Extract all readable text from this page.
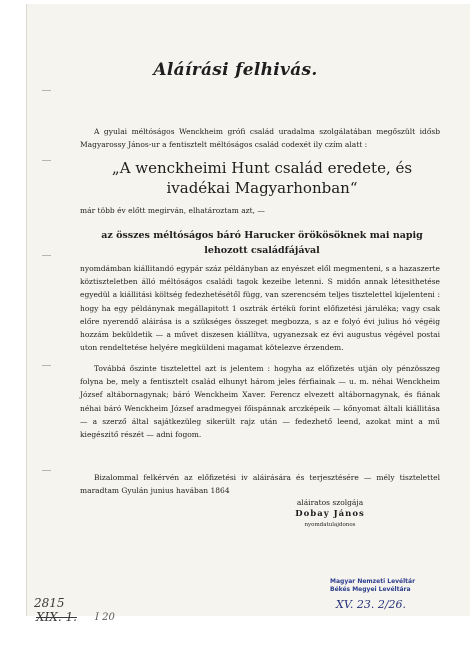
Aláírási felhivás.
A gyulai méltóságos Wenckheim grófi család uradalma szolgálatában megőszült idősb Magyarossy János-ur a fentisztelt méltóságos család codexét ily czím alatt :
„A wenckheimi Hunt család eredete, és ivadékai Magyarhonban“
már több év előtt megirván, elhatároztam azt, —
az összes méltóságos báró Harucker örökösöknek mai napig lehozott családfájával
nyomdámban kiállitandó egypár száz példányban az enyészet elől megmenteni, s a hazaszerte köztiszteletben álló méltóságos családi tagok kezeibe letenni. S midőn annak létesithetése egyedül a kiállitási költség fedezhetésétől függ, van szerencsém teljes tisztelettel kijelenteni : hogy ha egy példánynak megállapitott 1 osztrák értékü forint előfizetési járuléka; vagy csak előre nyerendő aláirása is a szükséges összeget megbozza, s az e folyó évi julius hó végéig hozzám beküldetik — a művet diszesen kiállítva, ugyanezsak ez évi augustus végével postai uton rendeltetése helyére megküldeni magamat kötelezve érzendem.
Továbbá őszinte tisztelettel azt is jelentem : hogyha az előfizetés utján oly pénzösszeg folyna be, mely a fentisztelt család elhunyt három jeles férfiainak — u. m. néhai Wenckheim József altábornagynak; báró Wenckheim Xaver. Ferencz elvezett altábornagynak, és fiának néhai báró Wenckheim József aradmegyei főispánnak arczképeik — kőnyomat általi kiállitása — a szerző által sajátkezüleg sikerült rajz után — fedezhető leend, azokat mint a mű kiegészitő részét — adni fogom.
Bizalommal felkérvén az előfizetési iv aláirására és terjesztésére — mély tisztelettel maradtam Gyulán junius havában 1864
aláiratos szolgája
Dobay János
nyomdatulajdonos
Magyar Nemzeti Levéltár
Békés Megyei Levéltára
XV. 23. 2/26.
2815
XIX. 1. I 20
